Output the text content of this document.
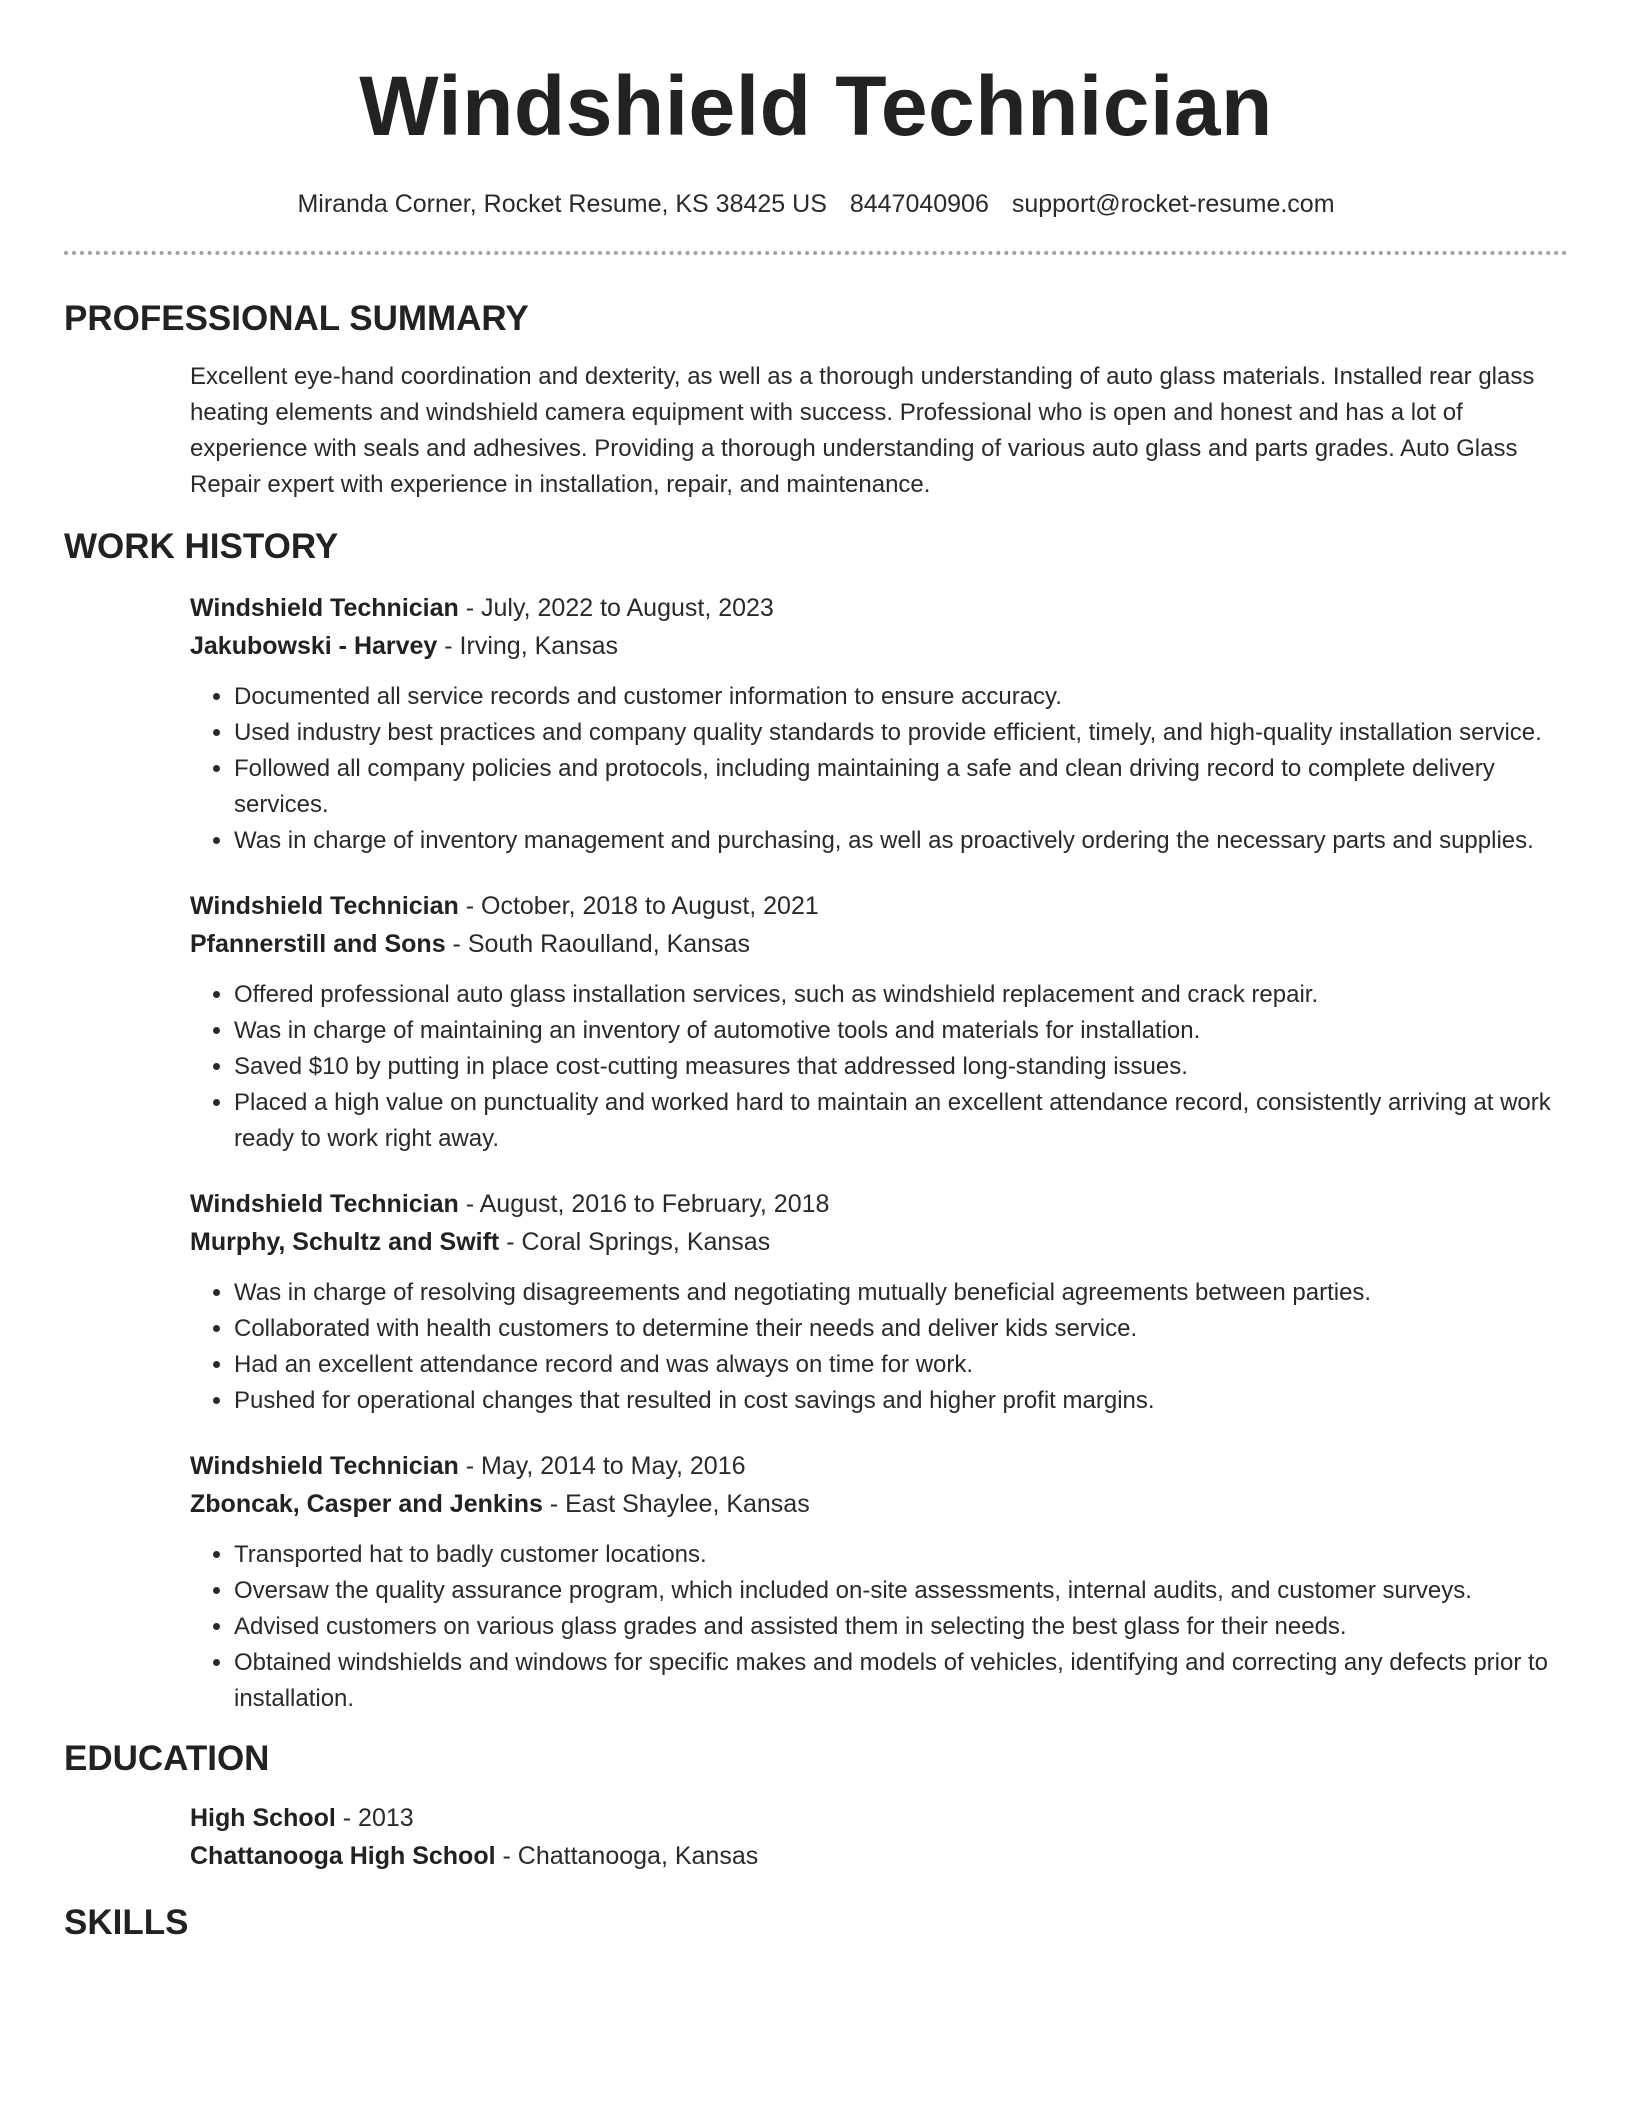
Windshield Technician
Miranda Corner, Rocket Resume, KS 38425 US 8447040906 support@rocket-resume.com
PROFESSIONAL SUMMARY

Excellent eye-hand coordination and dexterity, as well as a thorough understanding of auto glass materials. Installed rear glass heating elements and windshield camera equipment with success. Professional who is open and honest and has a lot of experience with seals and adhesives. Providing a thorough understanding of various auto glass and parts grades. Auto Glass Repair expert with experience in installation, repair, and maintenance.

WORK HISTORY
Windshield Technician - July, 2022 to August, 2023
Jakubowski - Harvey - Irving, Kansas
• Documented all service records and customer information to ensure accuracy.
• Used industry best practices and company quality standards to provide efficient, timely, and high-quality installation service.
• Followed all company policies and protocols, including maintaining a safe and clean driving record to complete delivery services.
• Was in charge of inventory management and purchasing, as well as proactively ordering the necessary parts and supplies.
Windshield Technician - October, 2018 to August, 2021
Pfannerstill and Sons - South Raoulland, Kansas
• Offered professional auto glass installation services, such as windshield replacement and crack repair.
• Was in charge of maintaining an inventory of automotive tools and materials for installation.
• Saved $10 by putting in place cost-cutting measures that addressed long-standing issues.
• Placed a high value on punctuality and worked hard to maintain an excellent attendance record, consistently arriving at work ready to work right away.
Windshield Technician - August, 2016 to February, 2018
Murphy, Schultz and Swift - Coral Springs, Kansas
• Was in charge of resolving disagreements and negotiating mutually beneficial agreements between parties.
• Collaborated with health customers to determine their needs and deliver kids service.
• Had an excellent attendance record and was always on time for work.
• Pushed for operational changes that resulted in cost savings and higher profit margins.
Windshield Technician - May, 2014 to May, 2016
Zboncak, Casper and Jenkins - East Shaylee, Kansas
• Transported hat to badly customer locations.
• Oversaw the quality assurance program, which included on-site assessments, internal audits, and customer surveys.
• Advised customers on various glass grades and assisted them in selecting the best glass for their needs.
• Obtained windshields and windows for specific makes and models of vehicles, identifying and correcting any defects prior to installation.
EDUCATION
High School - 2013
Chattanooga High School - Chattanooga, Kansas
SKILLS
